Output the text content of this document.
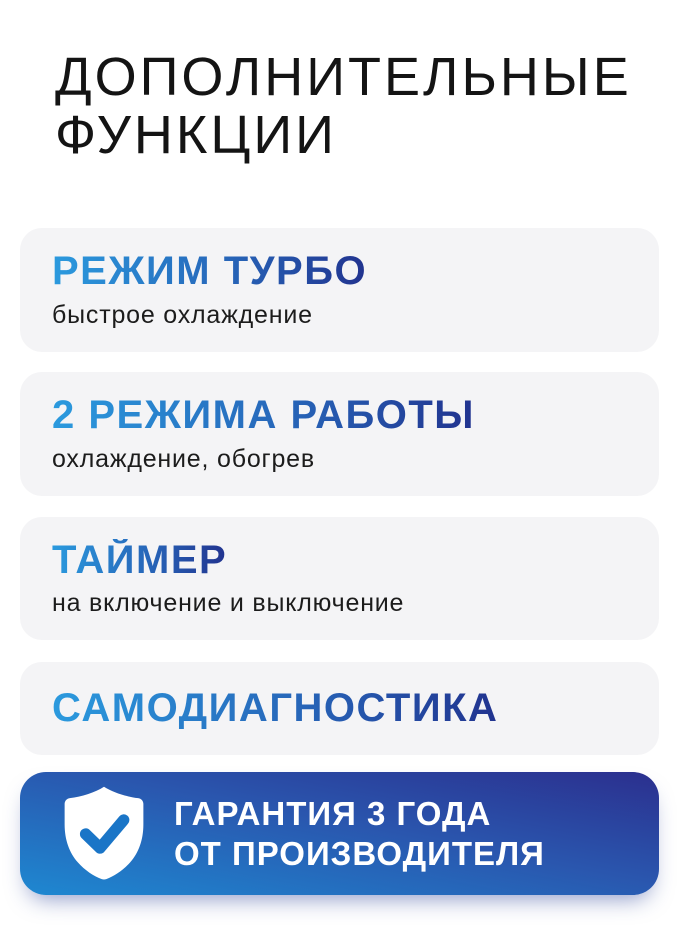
ДОПОЛНИТЕЛЬНЫЕ
ФУНКЦИИ
РЕЖИМ ТУРБО
быстрое охлаждение
2 РЕЖИМА РАБОТЫ
охлаждение, обогрев
ТАЙМЕР
на включение и выключение
САМОДИАГНОСТИКА
ГАРАНТИЯ 3 ГОДА
ОТ ПРОИЗВОДИТЕЛЯ
